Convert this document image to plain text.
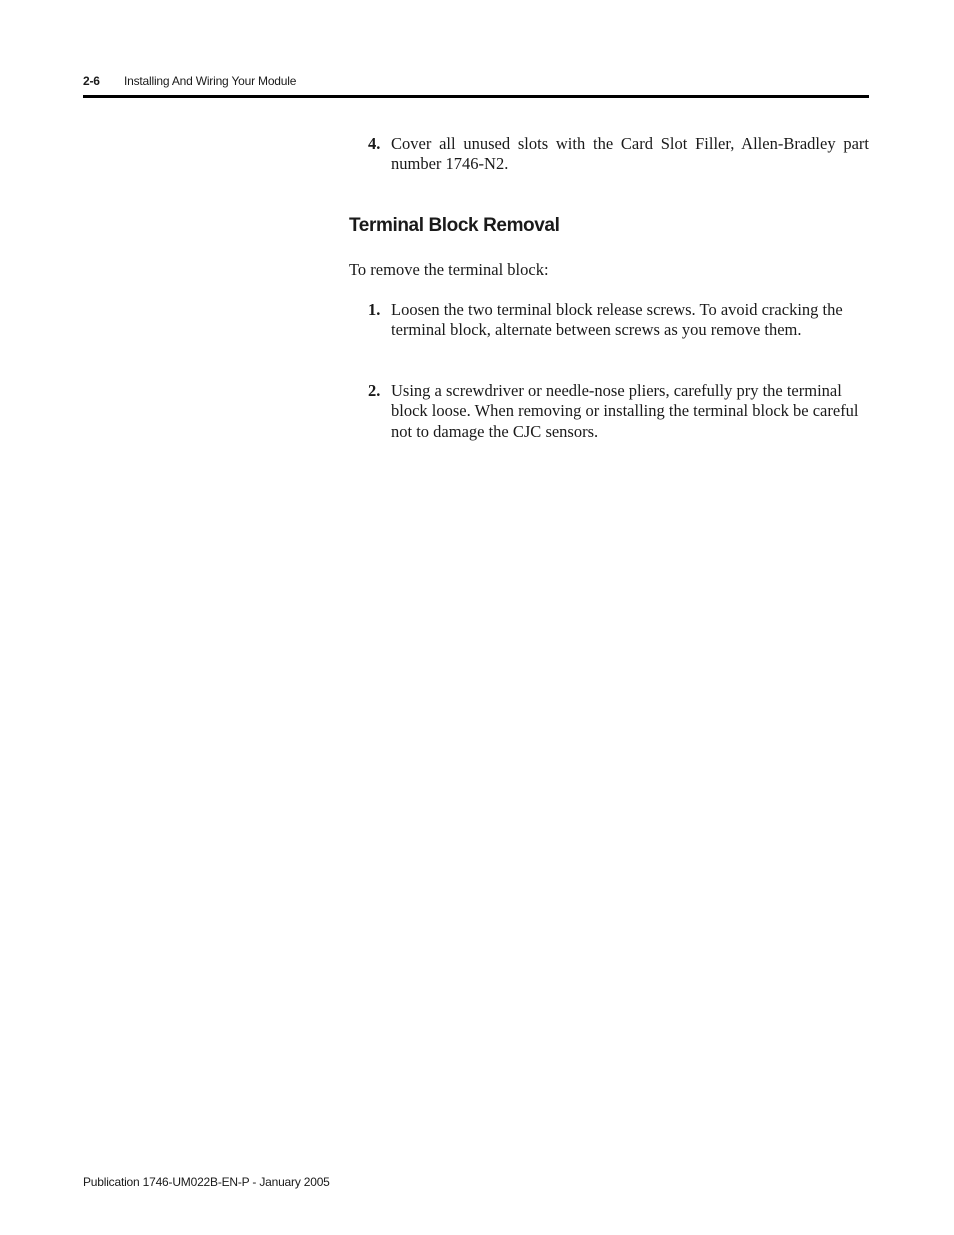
2-6 Installing And Wiring Your Module
4. Cover all unused slots with the Card Slot Filler, Allen-Bradley part number 1746-N2.
Terminal Block Removal
To remove the terminal block:
1. Loosen the two terminal block release screws. To avoid cracking the terminal block, alternate between screws as you remove them.
2. Using a screwdriver or needle-nose pliers, carefully pry the terminal block loose. When removing or installing the terminal block be careful not to damage the CJC sensors.
Publication 1746-UM022B-EN-P - January 2005
